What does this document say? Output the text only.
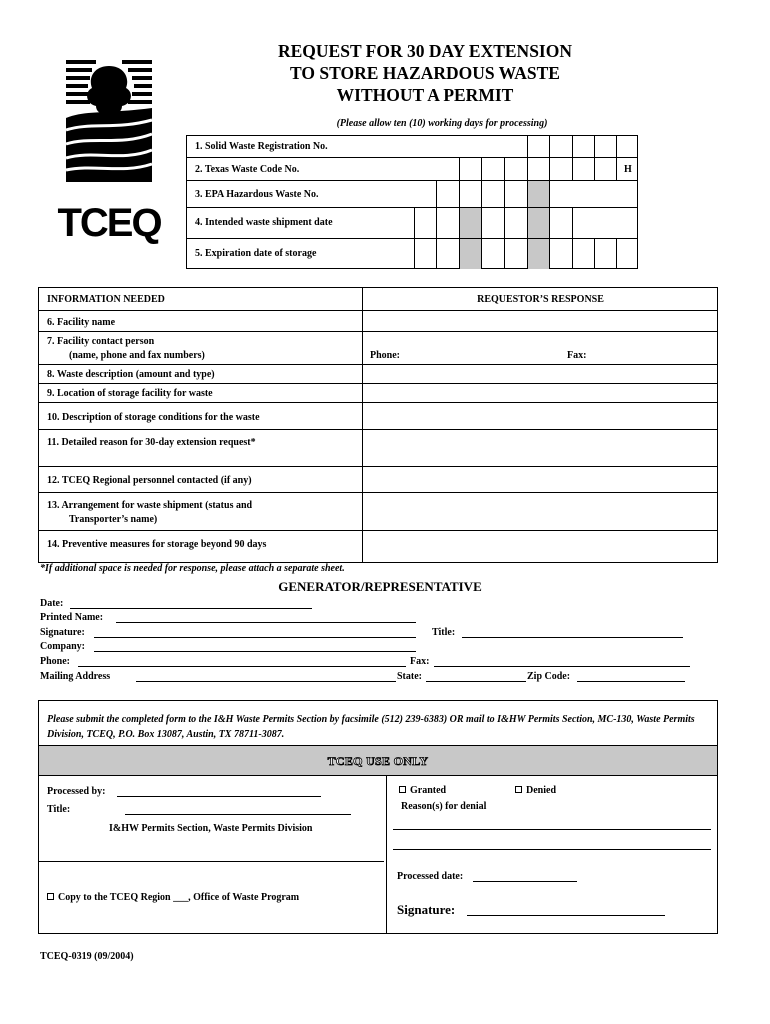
REQUEST FOR 30 DAY EXTENSION
TO STORE HAZARDOUS WASTE
WITHOUT A PERMIT
(Please allow ten (10) working days for processing)
TCEQ
1. Solid Waste Registration No.
2. Texas Waste Code No.	H
3. EPA Hazardous Waste No.
4. Intended waste shipment date
5. Expiration date of storage
INFORMATION NEEDED	REQUESTOR’S RESPONSE
6. Facility name
7. Facility contact person
(name, phone and fax numbers)	Phone:	Fax:
8. Waste description (amount and type)
9. Location of storage facility for waste
10. Description of storage conditions for the waste
11. Detailed reason for 30-day extension request*
12. TCEQ Regional personnel contacted (if any)
13. Arrangement for waste shipment (status and
Transporter’s name)
14. Preventive measures for storage beyond 90 days
*If additional space is needed for response, please attach a separate sheet.
GENERATOR/REPRESENTATIVE
Date:
Printed Name:
Signature:	Title:
Company:
Phone:	Fax:
Mailing Address	State:	Zip Code:
Please submit the completed form to the I&H Waste Permits Section by facsimile (512) 239-6383) OR mail to I&HW Permits Section, MC-130, Waste Permits Division, TCEQ, P.O. Box 13087, Austin, TX 78711-3087.
TCEQ USE ONLY
Processed by:
Title:
I&HW Permits Section, Waste Permits Division
Copy to the TCEQ Region ___, Office of Waste Program
Granted	Denied
Reason(s) for denial
Processed date:
Signature:
TCEQ-0319 (09/2004)
